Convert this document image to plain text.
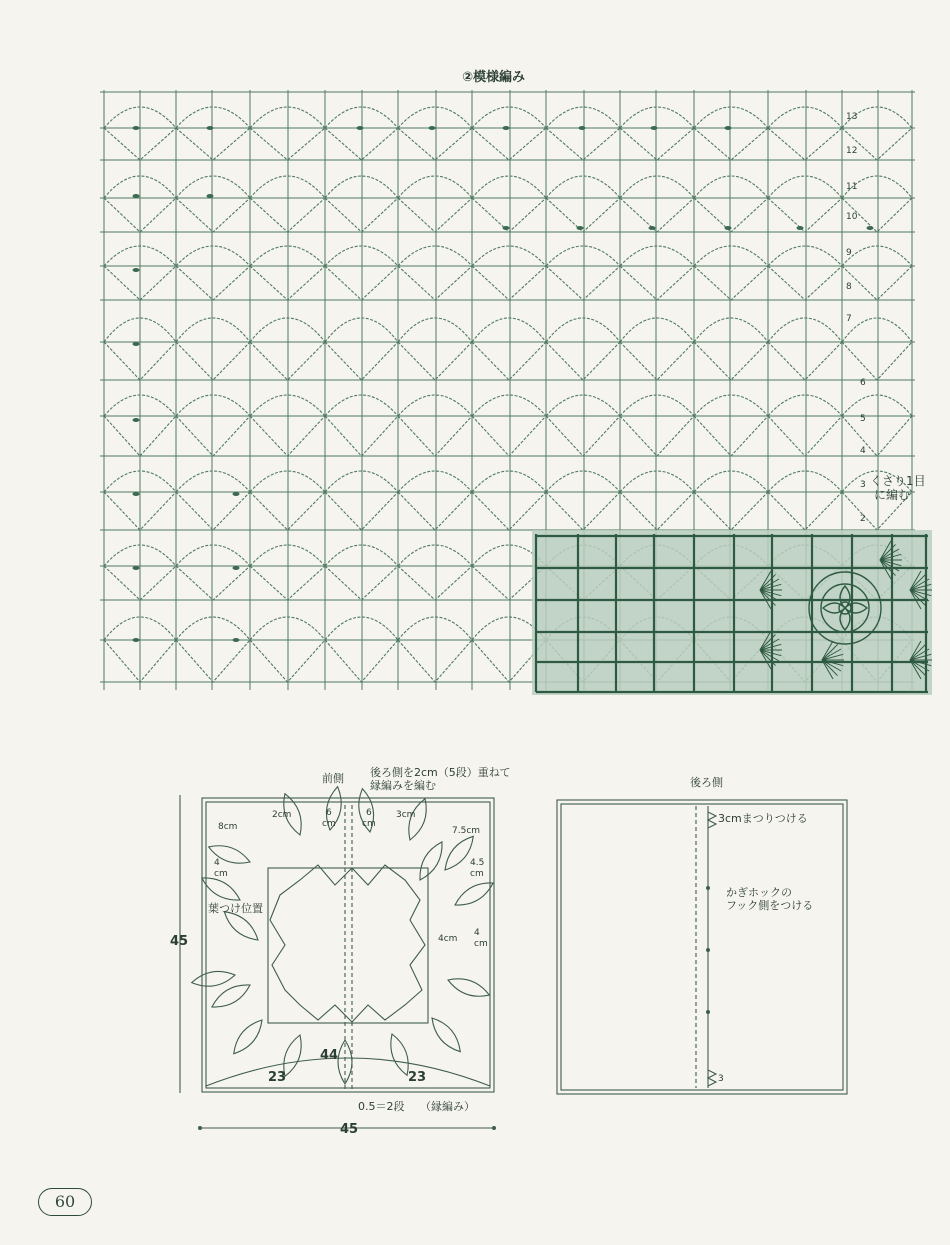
②模様編み
13
12
11
10
9
8
7
6
5
4
3
2
くさり1目
に編む
前側 後ろ側を2cm（5段）重ねて
縁編みを編む
2cm	6
cm
6
cm
3cm
8cm	7.5cm
4
cm
4.5
cm
葉つけ位置
4cm
4
cm
45
44
23	23
0.5＝2段 （縁編み）
45
後ろ側
3cmまつりつける
かぎホックの
フック側をつける
3
60
